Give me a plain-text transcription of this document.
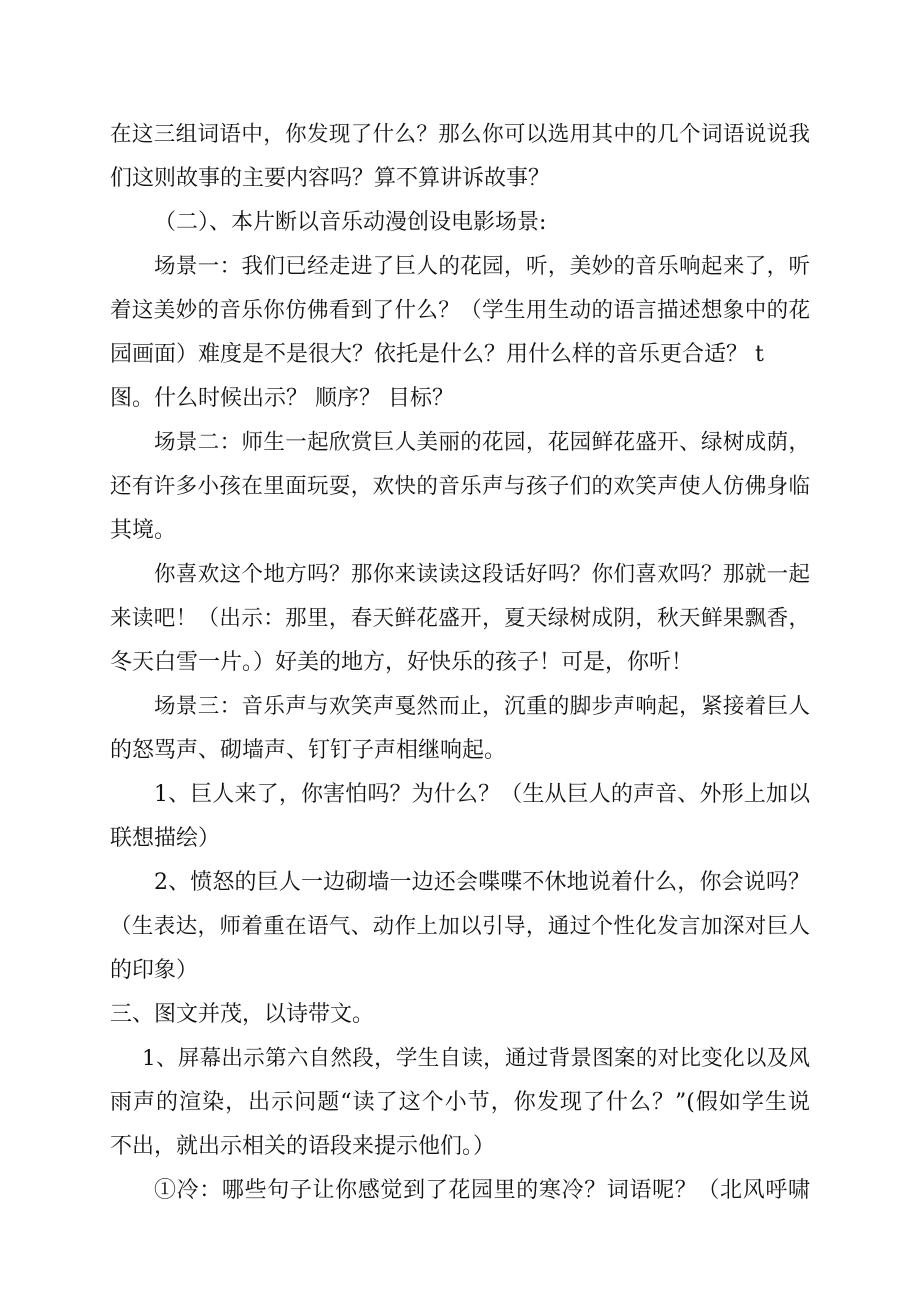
在这三组词语中，你发现了什么？那么你可以选用其中的几个词语说说我
们这则故事的主要内容吗？算不算讲诉故事？
（二）、本片断以音乐动漫创设电影场景:
场景一：我们已经走进了巨人的花园，听，美妙的音乐响起来了，听
着这美妙的音乐你仿佛看到了什么？（学生用生动的语言描述想象中的花
园画面）难度是不是很大？依托是什么？用什么样的音乐更合适？ t
图。什么时候出示？ 顺序？ 目标？
场景二：师生一起欣赏巨人美丽的花园，花园鲜花盛开、绿树成荫，
还有许多小孩在里面玩耍，欢快的音乐声与孩子们的欢笑声使人仿佛身临
其境。
你喜欢这个地方吗？那你来读读这段话好吗？你们喜欢吗？那就一起
来读吧！（出示：那里，春天鲜花盛开，夏天绿树成阴，秋天鲜果飘香，
冬天白雪一片。）好美的地方，好快乐的孩子！可是，你听！
场景三：音乐声与欢笑声戛然而止，沉重的脚步声响起，紧接着巨人
的怒骂声、砌墙声、钉钉子声相继响起。
1、巨人来了，你害怕吗？为什么？（生从巨人的声音、外形上加以
联想描绘）
2、愤怒的巨人一边砌墙一边还会喋喋不休地说着什么，你会说吗？
（生表达，师着重在语气、动作上加以引导，通过个性化发言加深对巨人
的印象）
三、图文并茂，以诗带文。
1、屏幕出示第六自然段，学生自读，通过背景图案的对比变化以及风
雨声的渲染，出示问题“读了这个小节，你发现了什么？”(假如学生说
不出，就出示相关的语段来提示他们。）
①冷：哪些句子让你感觉到了花园里的寒冷？词语呢？（北风呼啸
